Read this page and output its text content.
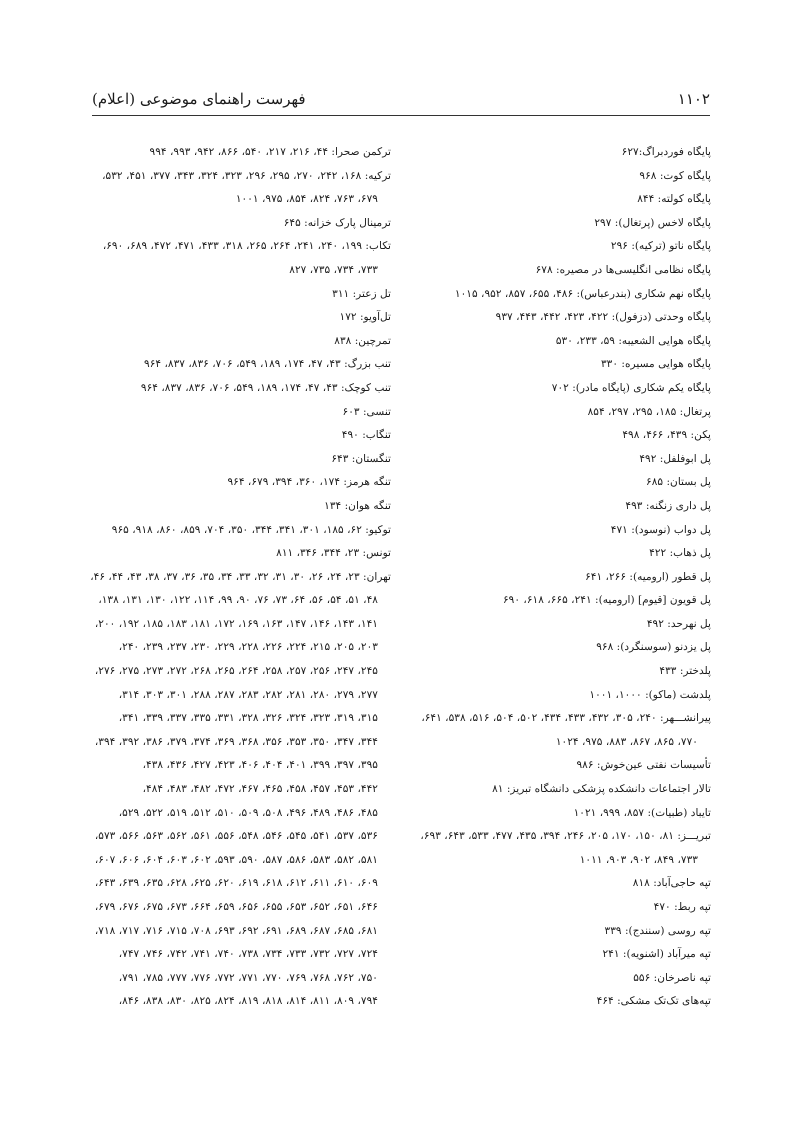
۱۱۰۲
فهرست راهنمای موضوعی (اعلام)
پایگاه فوردبراگ:۶۲۷
پایگاه کوت: ۹۶۸
پایگاه کولته: ۸۴۴
پایگاه لاخس (پرتغال): ۲۹۷
پایگاه ناتو (ترکیه): ۲۹۶
پایگاه نظامی انگلیسی‌ها در مصیره: ۶۷۸
پایگاه نهم شکاری (بندرعباس): ۴۸۶، ۶۵۵، ۸۵۷، ۹۵۲، ۱۰۱۵
پایگاه وحدتی (دزفول): ۴۲۲، ۴۲۳، ۴۴۲، ۴۴۳، ۹۳۷
پایگاه هوایی الشعیبه: ۵۹، ۲۳۳، ۵۳۰
پایگاه هوایی مسیره: ۳۳۰
پایگاه یکم شکاری (پایگاه مادر): ۷۰۲
پرتغال: ۱۸۵، ۲۹۵، ۲۹۷، ۸۵۴
پکن: ۴۳۹، ۴۶۶، ۴۹۸
پل ابوفلفل: ۴۹۲
پل بستان: ۶۸۵
پل داری زنگنه: ۴۹۳
پل دواب (نوسود): ۴۷۱
پل ذهاب: ۴۲۲
پل قطور (ارومیه): ۲۶۶، ۶۴۱
پل قویون [قیوم] (ارومیه): ۲۴۱، ۶۶۵، ۶۱۸، ۶۹۰
پل نهرحد: ۴۹۲
پل یزدنو (سوسنگرد): ۹۶۸
پلدختر: ۴۳۳
پلدشت (ماکو): ۱۰۰۰، ۱۰۰۱
پیرانشـــهر: ۲۴۰، ۳۰۵، ۴۳۲، ۴۳۳، ۴۳۴، ۵۰۲، ۵۰۴، ۵۱۶، ۵۳۸، ۶۴۱،
۷۷۰، ۸۶۵، ۸۶۷، ۸۸۳، ۹۷۵، ۱۰۲۴
تأسیسات نفتی عین‌خوش: ۹۸۶
تالار اجتماعات دانشکده پزشکی دانشگاه تبریز: ۸۱
تایباد (طبیات): ۸۵۷، ۹۹۹، ۱۰۲۱
تبریـــز: ۸۱، ۱۵۰، ۱۷۰، ۲۰۵، ۲۴۶، ۳۹۴، ۴۳۵، ۴۷۷، ۵۳۳، ۶۴۳، ۶۹۳،
۷۳۳، ۸۴۹، ۹۰۲، ۹۰۳، ۱۰۱۱
تپه حاجی‌آباد: ۸۱۸
تپه ربط: ۴۷۰
تپه روسی (سنندج): ۳۳۹
تپه میرآباد (اشنویه): ۲۴۱
تپه ناصرخان: ۵۵۶
تپه‌های تک‌تک مشکی: ۴۶۴
ترکمن صحرا: ۴۴، ۲۱۶، ۲۱۷، ۵۴۰، ۸۶۶، ۹۴۲، ۹۹۳، ۹۹۴
ترکیه: ۱۶۸، ۲۴۲، ۲۷۰، ۲۹۵، ۲۹۶، ۳۲۳، ۳۲۴، ۳۴۳، ۳۷۷، ۴۵۱، ۵۳۲،
۶۷۹، ۷۶۳، ۸۲۴، ۸۵۴، ۹۷۵، ۱۰۰۱
ترمینال پارک خزانه: ۶۴۵
تکاب: ۱۹۹، ۲۴۰، ۲۴۱، ۲۶۴، ۲۶۵، ۳۱۸، ۴۳۳، ۴۷۱، ۴۷۲، ۶۸۹، ۶۹۰،
۷۳۳، ۷۳۴، ۷۳۵، ۸۲۷
تل زعتر: ۳۱۱
تل‌آویو: ۱۷۲
تمرچین: ۸۳۸
تنب بزرگ: ۴۳، ۴۷، ۱۷۴، ۱۸۹، ۵۴۹، ۷۰۶، ۸۳۶، ۸۳۷، ۹۶۴
تنب کوچک: ۴۳، ۴۷، ۱۷۴، ۱۸۹، ۵۴۹، ۷۰۶، ۸۳۶، ۸۳۷، ۹۶۴
تنسی: ۶۰۳
تنگاب: ۴۹۰
تنگستان: ۶۴۳
تنگه هرمز: ۱۷۴، ۳۶۰، ۳۹۴، ۶۷۹، ۹۶۴
تنگه هوان: ۱۳۴
توکیو: ۶۲، ۱۸۵، ۳۰۱، ۳۴۱، ۳۴۴، ۳۵۰، ۷۰۴، ۸۵۹، ۸۶۰، ۹۱۸، ۹۶۵
تونس: ۲۳، ۳۴۴، ۳۴۶، ۸۱۱
تهران: ۲۳، ۲۴، ۲۶، ۳۰، ۳۱، ۳۲، ۳۳، ۳۴، ۳۵، ۳۶، ۳۷، ۳۸، ۴۳، ۴۴، ۴۶،
۴۸، ۵۱، ۵۴، ۵۶، ۶۴، ۷۳، ۷۶، ۹۰، ۹۹، ۱۱۴، ۱۲۲، ۱۳۰، ۱۳۱، ۱۳۸،
۱۴۱، ۱۴۳، ۱۴۶، ۱۴۷، ۱۶۳، ۱۶۹، ۱۷۲، ۱۸۱، ۱۸۳، ۱۸۵، ۱۹۲، ۲۰۰،
۲۰۳، ۲۰۵، ۲۱۵، ۲۲۴، ۲۲۶، ۲۲۸، ۲۲۹، ۲۳۰، ۲۳۷، ۲۳۹، ۲۴۰،
۲۴۵، ۲۴۷، ۲۵۶، ۲۵۷، ۲۵۸، ۲۶۴، ۲۶۵، ۲۶۸، ۲۷۲، ۲۷۳، ۲۷۵، ۲۷۶،
۲۷۷، ۲۷۹، ۲۸۰، ۲۸۱، ۲۸۲، ۲۸۳، ۲۸۷، ۲۸۸، ۳۰۱، ۳۰۳، ۳۱۴،
۳۱۵، ۳۱۹، ۳۲۳، ۳۲۴، ۳۲۶، ۳۲۸، ۳۳۱، ۳۳۵، ۳۳۷، ۳۳۹، ۳۴۱،
۳۴۴، ۳۴۷، ۳۵۰، ۳۵۳، ۳۵۶، ۳۶۸، ۳۶۹، ۳۷۴، ۳۷۹، ۳۸۶، ۳۹۲، ۳۹۴،
۳۹۵، ۳۹۷، ۳۹۹، ۴۰۱، ۴۰۴، ۴۰۶، ۴۲۳، ۴۲۷، ۴۳۶، ۴۳۸،
۴۴۲، ۴۵۳، ۴۵۷، ۴۵۸، ۴۶۵، ۴۶۷، ۴۷۲، ۴۸۲، ۴۸۳، ۴۸۴،
۴۸۵، ۴۸۶، ۴۸۹، ۴۹۶، ۵۰۸، ۵۰۹، ۵۱۰، ۵۱۲، ۵۱۹، ۵۲۲، ۵۲۹،
۵۳۶، ۵۳۷، ۵۴۱، ۵۴۵، ۵۴۶، ۵۴۸، ۵۵۶، ۵۶۱، ۵۶۲، ۵۶۳، ۵۶۶، ۵۷۳،
۵۸۱، ۵۸۲، ۵۸۳، ۵۸۶، ۵۸۷، ۵۹۰، ۵۹۳، ۶۰۲، ۶۰۳، ۶۰۴، ۶۰۶، ۶۰۷،
۶۰۹، ۶۱۰، ۶۱۱، ۶۱۲، ۶۱۸، ۶۱۹، ۶۲۰، ۶۲۵، ۶۲۸، ۶۳۵، ۶۳۹، ۶۴۳،
۶۴۶، ۶۵۱، ۶۵۲، ۶۵۳، ۶۵۵، ۶۵۶، ۶۵۹، ۶۶۴، ۶۷۳، ۶۷۵، ۶۷۶، ۶۷۹،
۶۸۱، ۶۸۵، ۶۸۷، ۶۸۹، ۶۹۱، ۶۹۲، ۶۹۳، ۷۰۸، ۷۱۵، ۷۱۶، ۷۱۷، ۷۱۸،
۷۲۴، ۷۲۷، ۷۳۲، ۷۳۳، ۷۳۴، ۷۳۸، ۷۴۰، ۷۴۱، ۷۴۲، ۷۴۶، ۷۴۷،
۷۵۰، ۷۶۲، ۷۶۸، ۷۶۹، ۷۷۰، ۷۷۱، ۷۷۲، ۷۷۶، ۷۷۷، ۷۸۵، ۷۹۱،
۷۹۴، ۸۰۹، ۸۱۱، ۸۱۴، ۸۱۸، ۸۱۹، ۸۲۴، ۸۲۵، ۸۳۰، ۸۳۸، ۸۴۶،
